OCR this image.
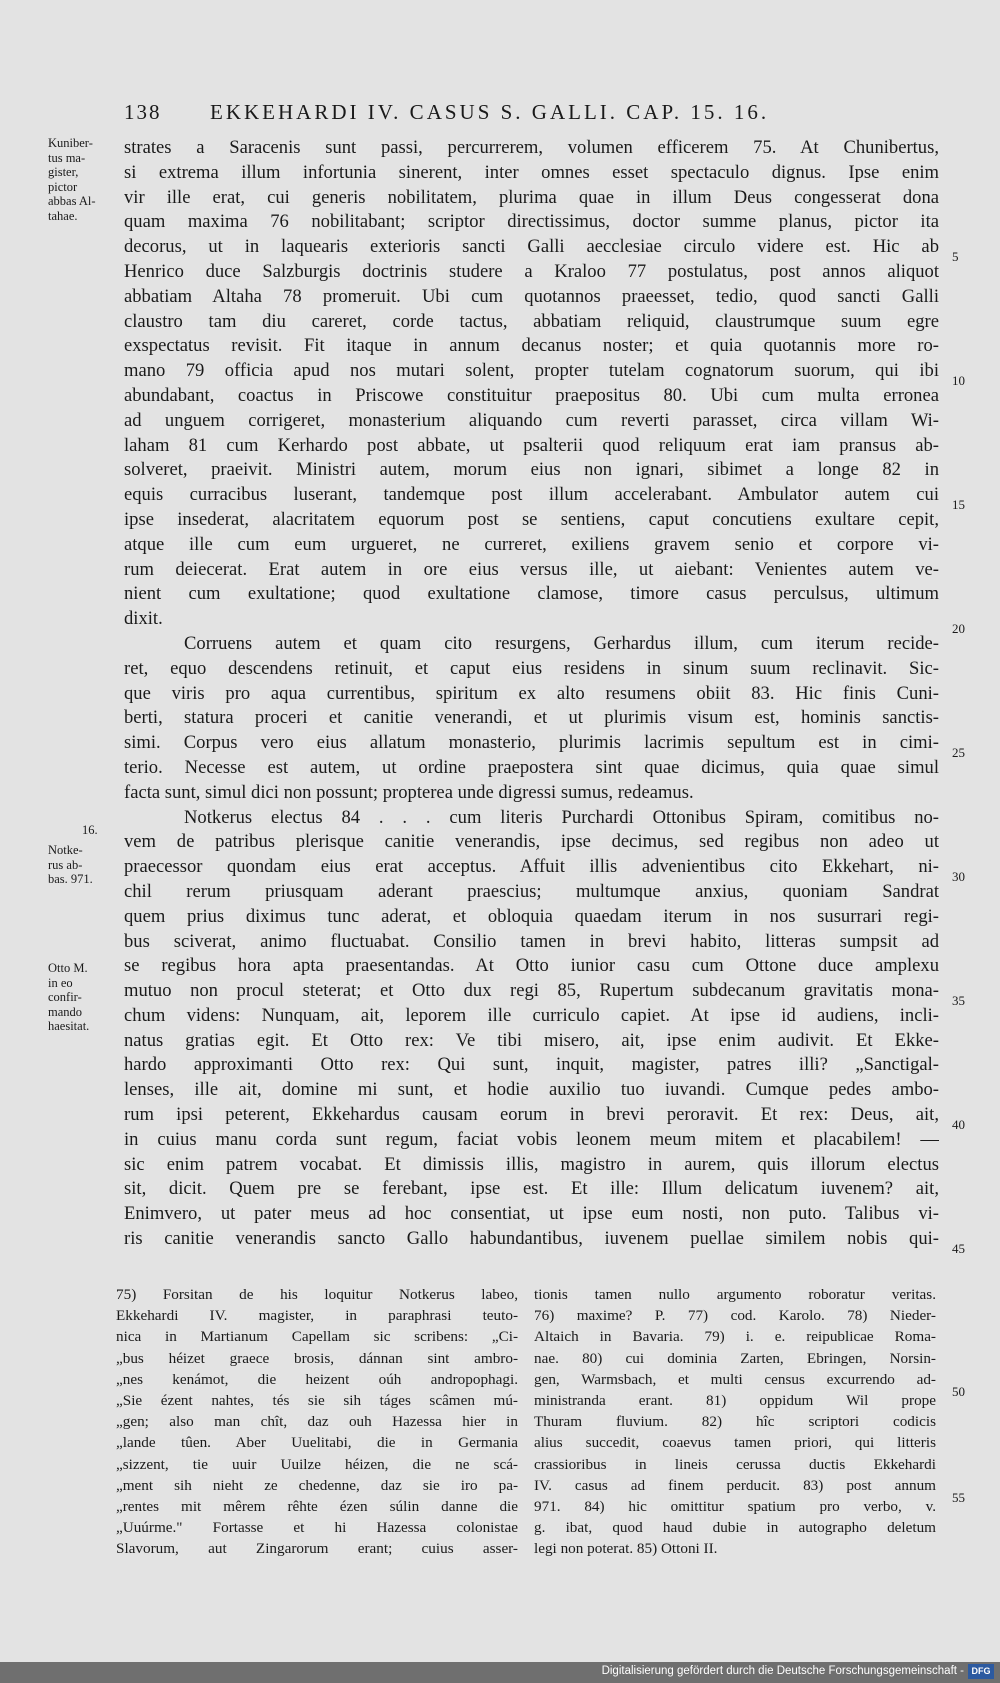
138	EKKEHARDI IV. CASUS S. GALLI. CAP. 15. 16.
Kuniber-
tus ma-
gister,
pictor
abbas Al-
tahae.
16.
Notke-
rus ab-
bas. 971.
Otto M.
in eo
confir-
mando
haesitat.
strates a Saracenis sunt passi, percurrerem, volumen efficerem 75. At Chunibertus,
si extrema illum infortunia sinerent, inter omnes esset spectaculo dignus. Ipse enim
vir ille erat, cui generis nobilitatem, plurima quae in illum Deus congesserat dona
quam maxima 76 nobilitabant; scriptor directissimus, doctor summe planus, pictor ita
decorus, ut in laquearis exterioris sancti Galli aecclesiae circulo videre est. Hic ab
Henrico duce Salzburgis doctrinis studere a Kraloo 77 postulatus, post annos aliquot
abbatiam Altaha 78 promeruit. Ubi cum quotannos praeesset, tedio, quod sancti Galli
claustro tam diu careret, corde tactus, abbatiam reliquid, claustrumque suum egre
exspectatus revisit. Fit itaque in annum decanus noster; et quia quotannis more ro-
mano 79 officia apud nos mutari solent, propter tutelam cognatorum suorum, qui ibi
abundabant, coactus in Priscowe constituitur praepositus 80. Ubi cum multa erronea
ad unguem corrigeret, monasterium aliquando cum reverti parasset, circa villam Wi-
laham 81 cum Kerhardo post abbate, ut psalterii quod reliquum erat iam pransus ab-
solveret, praeivit. Ministri autem, morum eius non ignari, sibimet a longe 82 in
equis curracibus luserant, tandemque post illum accelerabant. Ambulator autem cui
ipse insederat, alacritatem equorum post se sentiens, caput concutiens exultare cepit,
atque ille cum eum urgueret, ne curreret, exiliens gravem senio et corpore vi-
rum deiecerat. Erat autem in ore eius versus ille, ut aiebant: Venientes autem ve-
nient cum exultatione; quod exultatione clamose, timore casus perculsus, ultimum
dixit.
Corruens autem et quam cito resurgens, Gerhardus illum, cum iterum recide-
ret, equo descendens retinuit, et caput eius residens in sinum suum reclinavit. Sic-
que viris pro aqua currentibus, spiritum ex alto resumens obiit 83. Hic finis Cuni-
berti, statura proceri et canitie venerandi, et ut plurimis visum est, hominis sanctis-
simi. Corpus vero eius allatum monasterio, plurimis lacrimis sepultum est in cimi-
terio. Necesse est autem, ut ordine praepostera sint quae dicimus, quia quae simul
facta sunt, simul dici non possunt; propterea unde digressi sumus, redeamus.
Notkerus electus 84 . . . cum literis Purchardi Ottonibus Spiram, comitibus no-
vem de patribus plerisque canitie venerandis, ipse decimus, sed regibus non adeo ut
praecessor quondam eius erat acceptus. Affuit illis advenientibus cito Ekkehart, ni-
chil rerum priusquam aderant praescius; multumque anxius, quoniam Sandrat
quem prius diximus tunc aderat, et obloquia quaedam iterum in nos susurrari regi-
bus sciverat, animo fluctuabat. Consilio tamen in brevi habito, litteras sumpsit ad
se regibus hora apta praesentandas. At Otto iunior casu cum Ottone duce amplexu
mutuo non procul steterat; et Otto dux regi 85, Rupertum subdecanum gravitatis mona-
chum videns: Nunquam, ait, leporem ille curriculo capiet. At ipse id audiens, incli-
natus gratias egit. Et Otto rex: Ve tibi misero, ait, ipse enim audivit. Et Ekke-
hardo approximanti Otto rex: Qui sunt, inquit, magister, patres illi? „Sanctigal-
lenses, ille ait, domine mi sunt, et hodie auxilio tuo iuvandi. Cumque pedes ambo-
rum ipsi peterent, Ekkehardus causam eorum in brevi peroravit. Et rex: Deus, ait,
in cuius manu corda sunt regum, faciat vobis leonem meum mitem et placabilem! —
sic enim patrem vocabat. Et dimissis illis, magistro in aurem, quis illorum electus
sit, dicit. Quem pre se ferebant, ipse est. Et ille: Illum delicatum iuvenem? ait,
Enimvero, ut pater meus ad hoc consentiat, ut ipse eum nosti, non puto. Talibus vi-
ris canitie venerandis sancto Gallo habundantibus, iuvenem puellae similem nobis qui-
5
10
15
20
25
30
35
40
45
75) Forsitan de his loquitur Notkerus labeo,
Ekkehardi IV. magister, in paraphrasi teuto-
nica in Martianum Capellam sic scribens: „Ci-
„bus héizet graece brosis, dánnan sint ambro-
„nes kenámot, die heizent oúh andropophagi.
„Sie ézent nahtes, tés sie sih táges scâmen mú-
„gen; also man chît, daz ouh Hazessa hier in
„lande tûen. Aber Uuelitabi, die in Germania
„sizzent, tie uuir Uuilze héizen, die ne scá-
„ment sih nieht ze chedenne, daz sie iro pa-
„rentes mit mêrem rêhte ézen súlin danne die
„Uuúrme." Fortasse et hi Hazessa colonistae
Slavorum, aut Zingarorum erant; cuius asser-
tionis tamen nullo argumento roboratur veritas.
76) maxime? P. 77) cod. Karolo. 78) Nieder-
Altaich in Bavaria. 79) i. e. reipublicae Roma-
nae. 80) cui dominia Zarten, Ebringen, Norsin-
gen, Warmsbach, et multi census excurrendo ad-
ministranda erant. 81) oppidum Wil prope
Thuram fluvium. 82) hîc scriptori codicis
alius succedit, coaevus tamen priori, qui litteris
crassioribus in lineis cerussa ductis Ekkehardi
IV. casus ad finem perducit. 83) post annum
971. 84) hic omittitur spatium pro verbo, v.
g. ibat, quod haud dubie in autographo deletum
legi non poterat. 85) Ottoni II.
50
55
Digitalisierung gefördert durch die Deutsche Forschungsgemeinschaft - DFG
